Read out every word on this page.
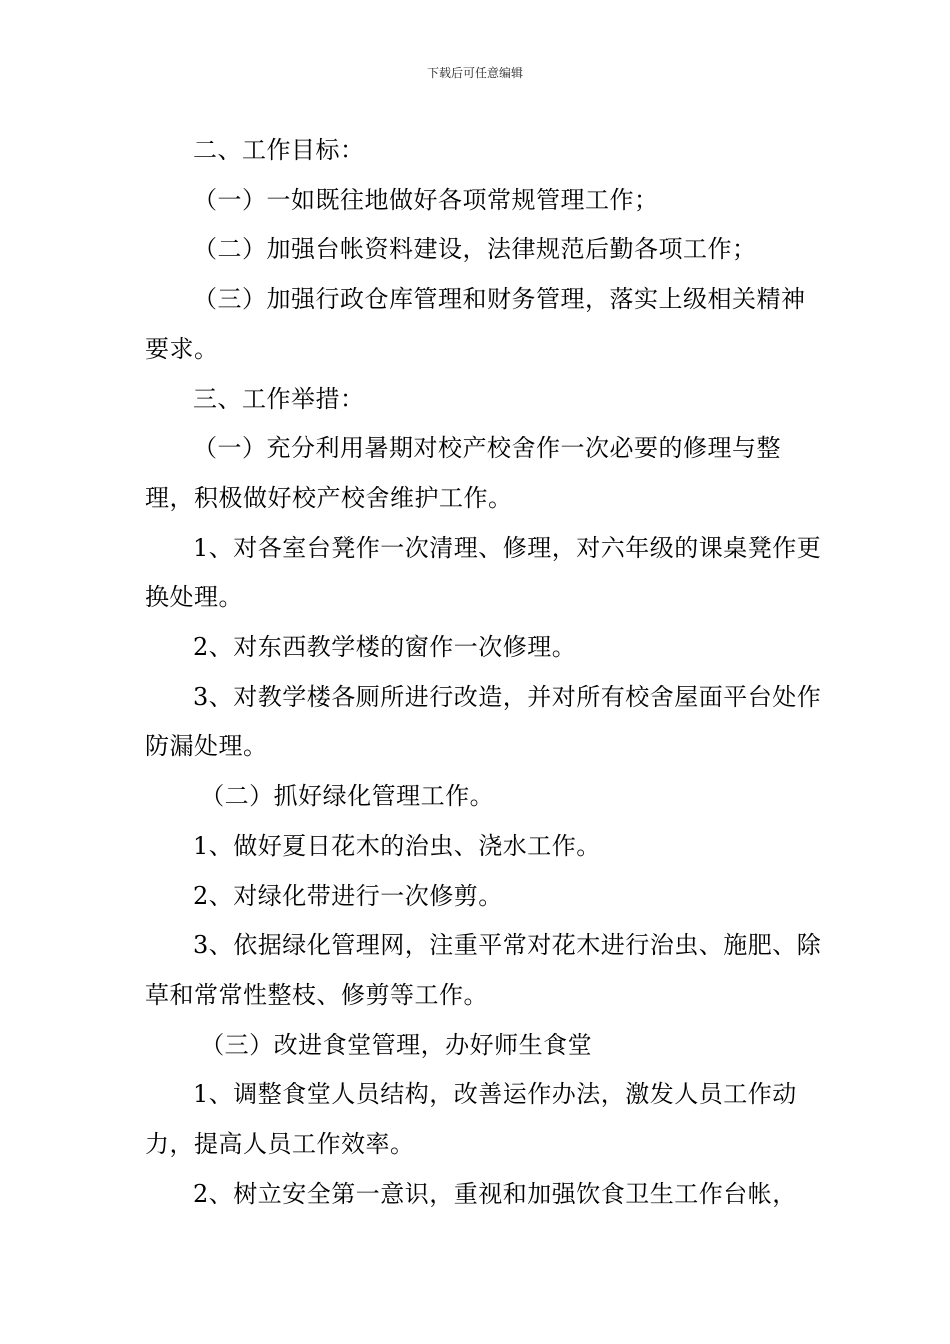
下载后可任意编辑

二、工作目标：

（一）一如既往地做好各项常规管理工作；

（二）加强台帐资料建设，法律规范后勤各项工作；

（三）加强行政仓库管理和财务管理，落实上级相关精神要求。

三、工作举措：

（一）充分利用暑期对校产校舍作一次必要的修理与整理，积极做好校产校舍维护工作。

1、对各室台凳作一次清理、修理，对六年级的课桌凳作更换处理。

2、对东西教学楼的窗作一次修理。

3、对教学楼各厕所进行改造，并对所有校舍屋面平台处作防漏处理。

（二）抓好绿化管理工作。

1、做好夏日花木的治虫、浇水工作。

2、对绿化带进行一次修剪。

3、依据绿化管理网，注重平常对花木进行治虫、施肥、除草和常常性整枝、修剪等工作。

（三）改进食堂管理，办好师生食堂

1、调整食堂人员结构，改善运作办法，激发人员工作动力，提高人员工作效率。

2、树立安全第一意识，重视和加强饮食卫生工作台帐，
